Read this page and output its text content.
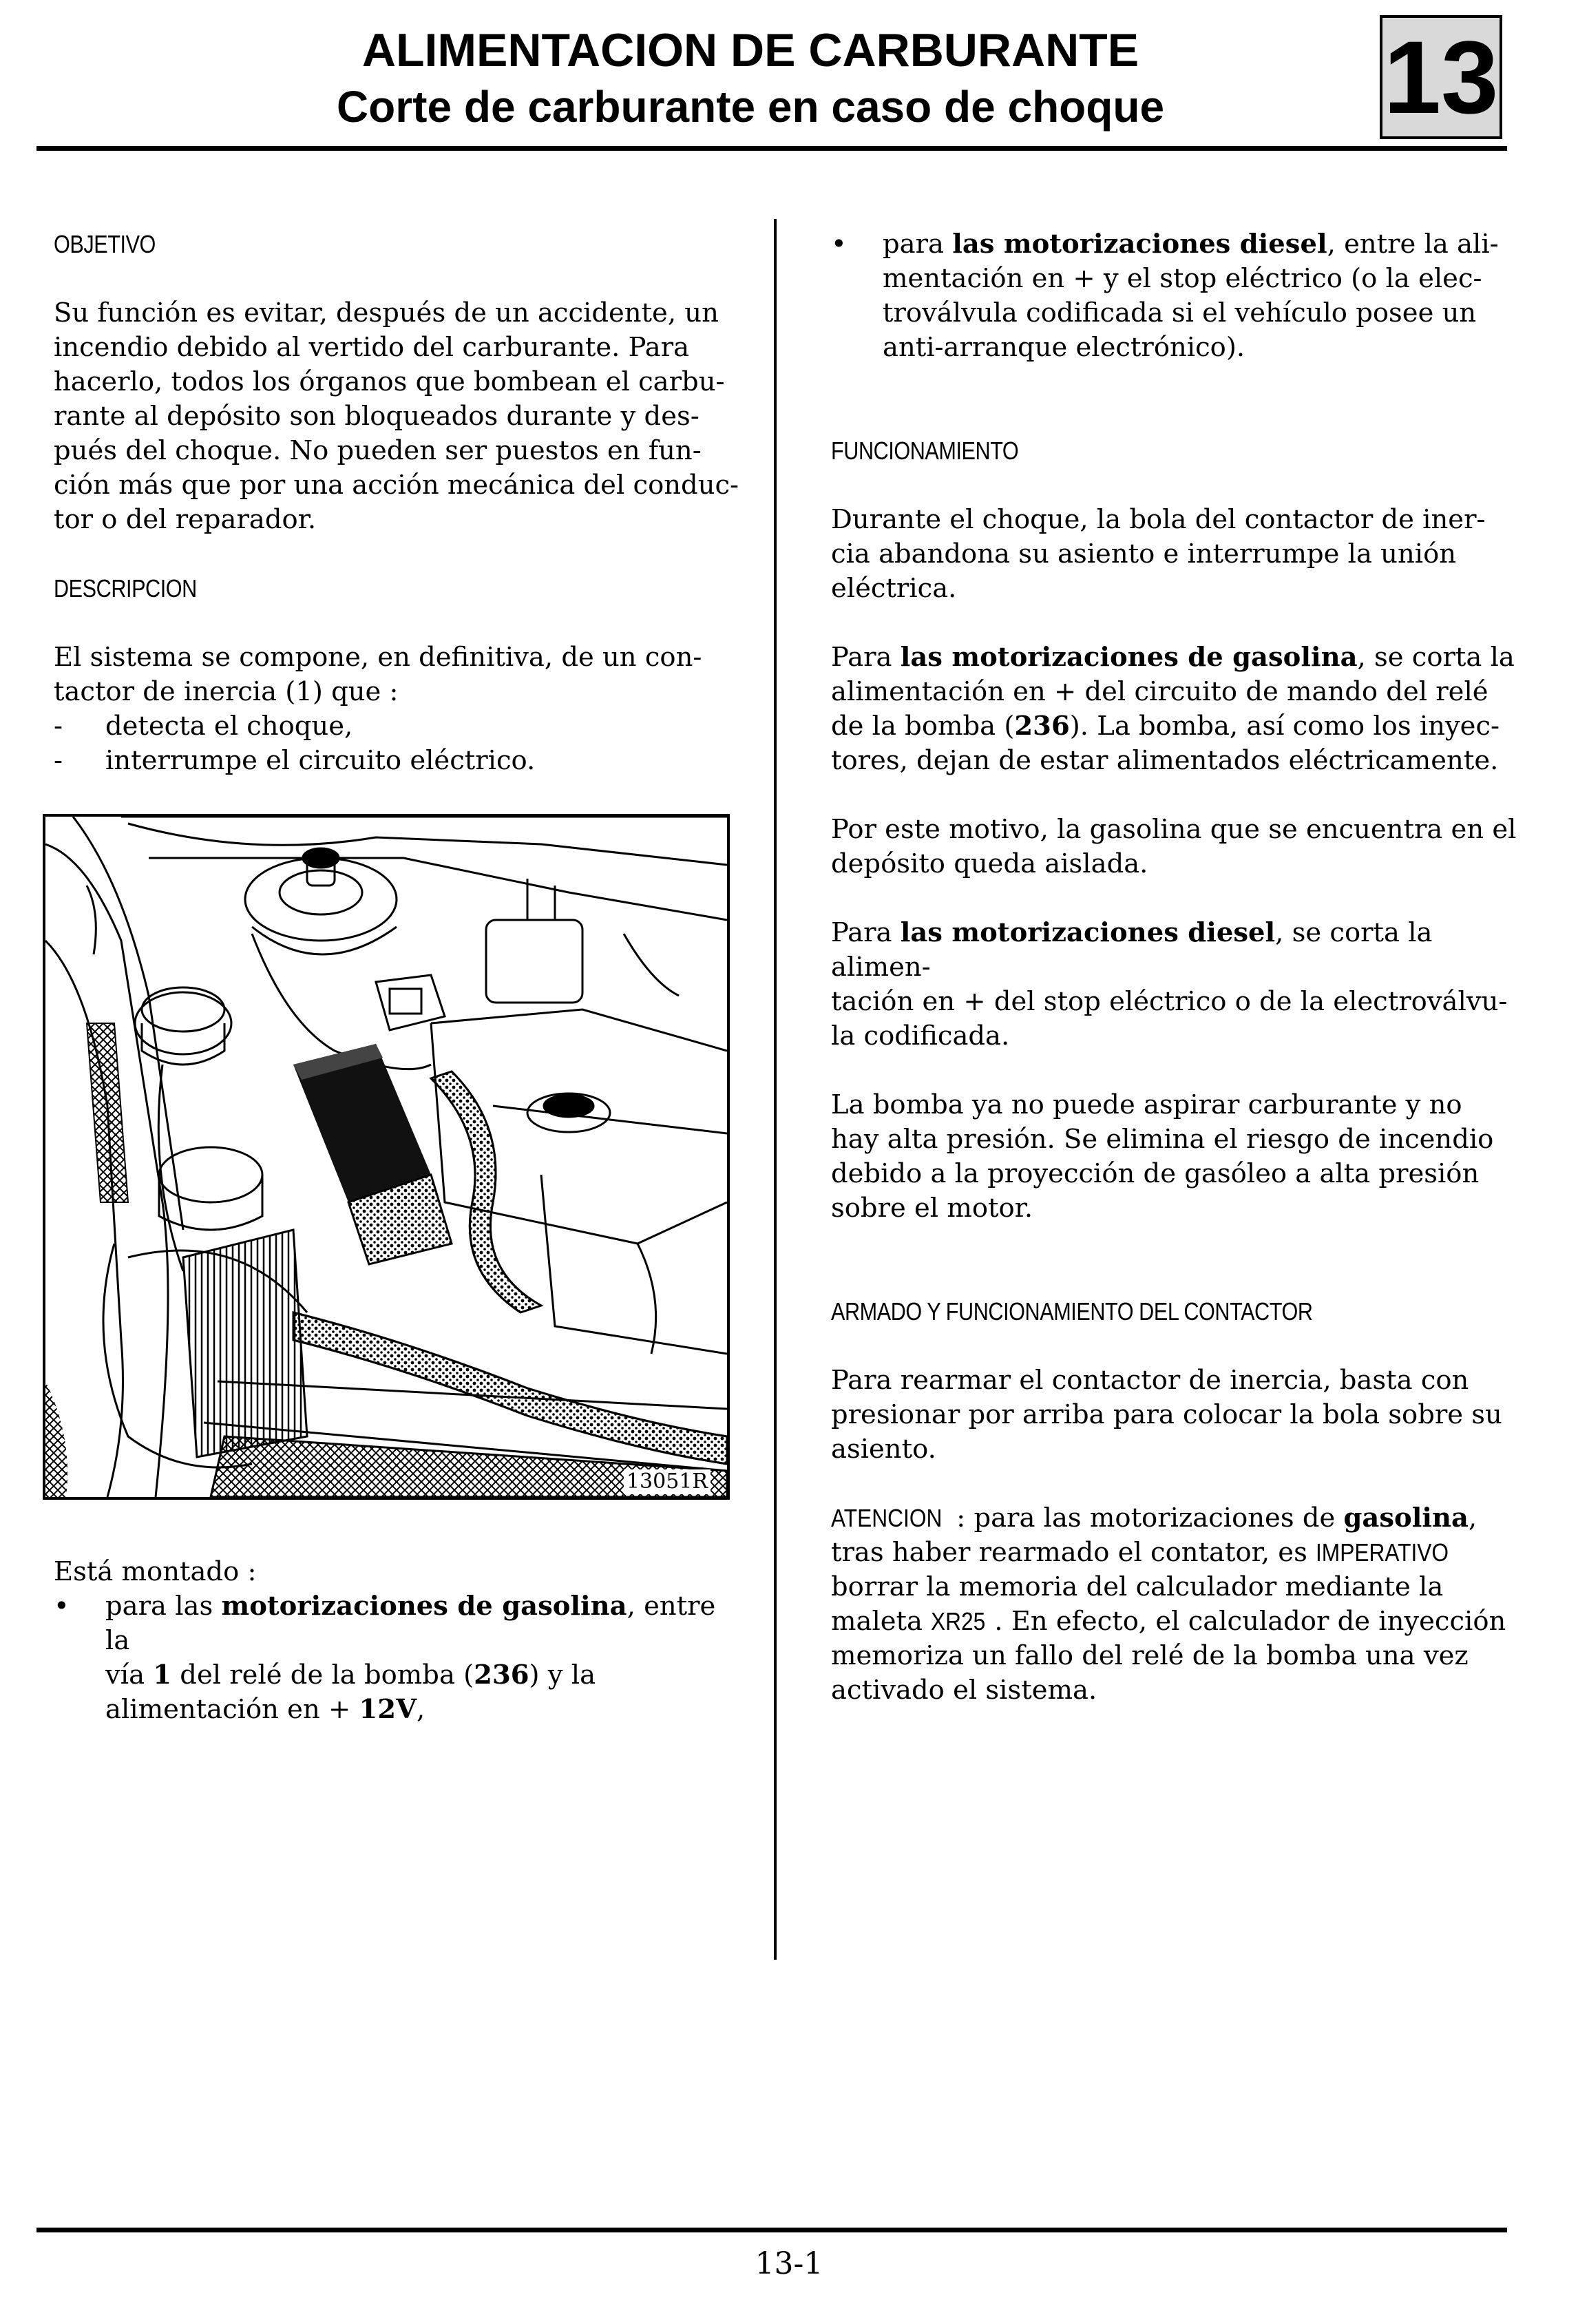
ALIMENTACION DE CARBURANTE
Corte de carburante en caso de choque	13
OBJETIVO

Su función es evitar, después de un accidente, un
incendio debido al vertido del carburante. Para
hacerlo, todos los órganos que bombean el carbu-
rante al depósito son bloqueados durante y des-
pués del choque. No pueden ser puestos en fun-
ción más que por una acción mecánica del conduc-
tor o del reparador.

DESCRIPCION

El sistema se compone, en definitiva, de un con-
tactor de inercia (1) que :

- detecta el choque,
- interrumpe el circuito eléctrico.
13051R

Está montado :

• para las motorizaciones de gasolina, entre la
vía 1 del relé de la bomba (236) y la
alimentación en + 12V,
• para las motorizaciones diesel, entre la ali-
mentación en + y el stop eléctrico (o la elec-
troválvula codificada si el vehículo posee un
anti-arranque electrónico).
FUNCIONAMIENTO

Durante el choque, la bola del contactor de iner-
cia abandona su asiento e interrumpe la unión
eléctrica.

Para las motorizaciones de gasolina, se corta la
alimentación en + del circuito de mando del relé
de la bomba (236). La bomba, así como los inyec-
tores, dejan de estar alimentados eléctricamente.

Por este motivo, la gasolina que se encuentra en el
depósito queda aislada.

Para las motorizaciones diesel, se corta la alimen-
tación en + del stop eléctrico o de la electroválvu-
la codificada.

La bomba ya no puede aspirar carburante y no
hay alta presión. Se elimina el riesgo de incendio
debido a la proyección de gasóleo a alta presión
sobre el motor.

ARMADO Y FUNCIONAMIENTO DEL CONTACTOR

Para rearmar el contactor de inercia, basta con
presionar por arriba para colocar la bola sobre su
asiento.

ATENCION : para las motorizaciones de gasolina,
tras haber rearmado el contator, es IMPERATIVO
borrar la memoria del calculador mediante la
maleta XR25 . En efecto, el calculador de inyección
memoriza un fallo del relé de la bomba una vez
activado el sistema.

13-1
